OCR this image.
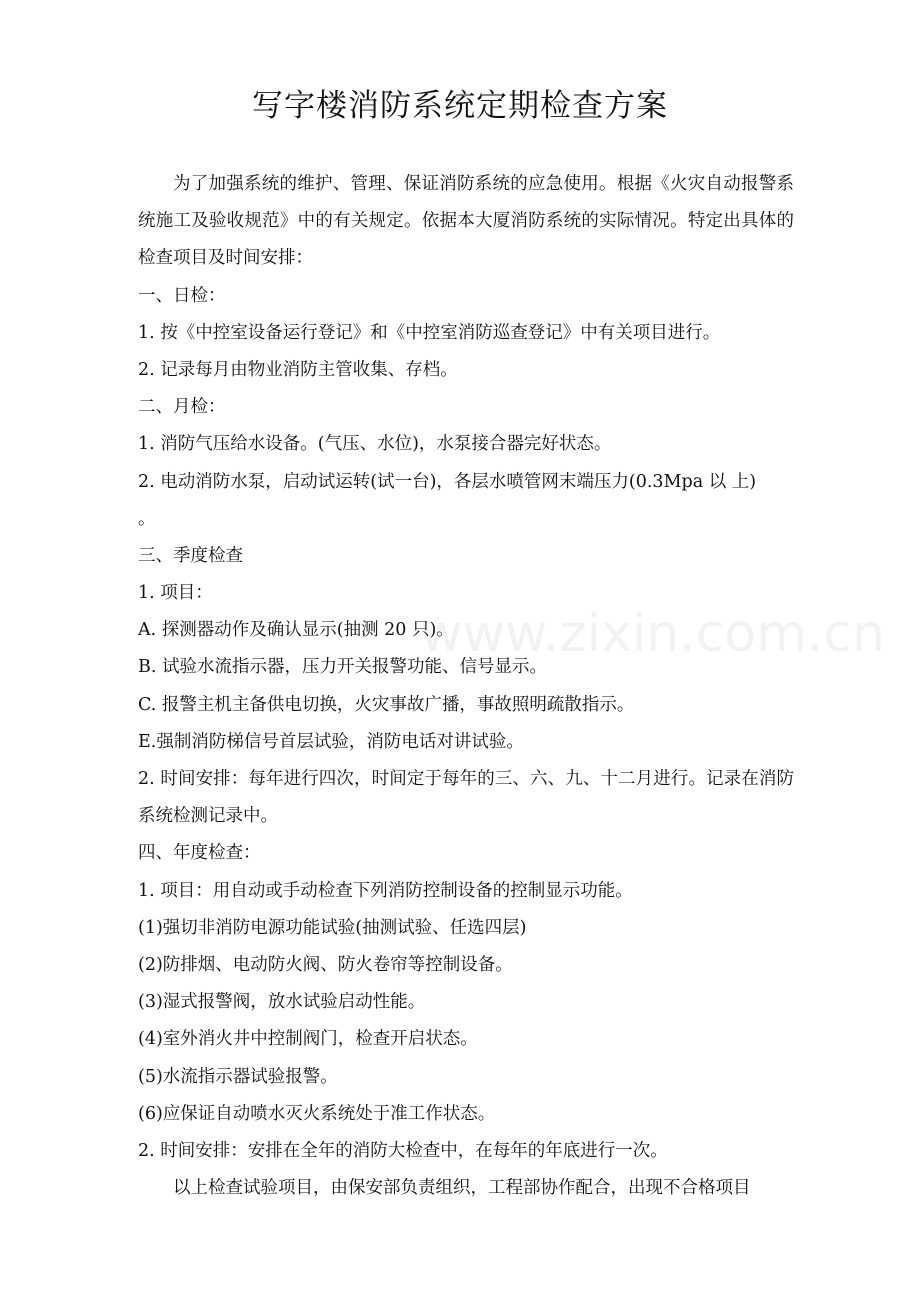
写字楼消防系统定期检查方案

为了加强系统的维护、管理、保证消防系统的应急使用。根据《火灾自动报警系统施工及验收规范》中的有关规定。依据本大厦消防系统的实际情况。特定出具体的检查项目及时间安排：

一、日检：
1. 按《中控室设备运行登记》和《中控室消防巡查登记》中有关项目进行。
2. 记录每月由物业消防主管收集、存档。
二、月检：
1. 消防气压给水设备。(气压、水位)，水泵接合器完好状态。
2. 电动消防水泵，启动试运转(试一台)，各层水喷管网末端压力(0.3Mpa 以 上)
。
三、季度检查
1. 项目：
A. 探测器动作及确认显示(抽测 20 只)。
B. 试验水流指示器，压力开关报警功能、信号显示。
C. 报警主机主备供电切换，火灾事故广播，事故照明疏散指示。
E.强制消防梯信号首层试验，消防电话对讲试验。

2. 时间安排：每年进行四次，时间定于每年的三、六、九、十二月进行。记录在消防系统检测记录中。

四、年度检查：
1. 项目：用自动或手动检查下列消防控制设备的控制显示功能。
(1)强切非消防电源功能试验(抽测试验、任选四层)
(2)防排烟、电动防火阀、防火卷帘等控制设备。
(3)湿式报警阀，放水试验启动性能。
(4)室外消火井中控制阀门，检查开启状态。
(5)水流指示器试验报警。
(6)应保证自动喷水灭火系统处于准工作状态。
2. 时间安排：安排在全年的消防大检查中，在每年的年底进行一次。

以上检查试验项目，由保安部负责组织，工程部协作配合，出现不合格项目

www.zixin.com.cn
